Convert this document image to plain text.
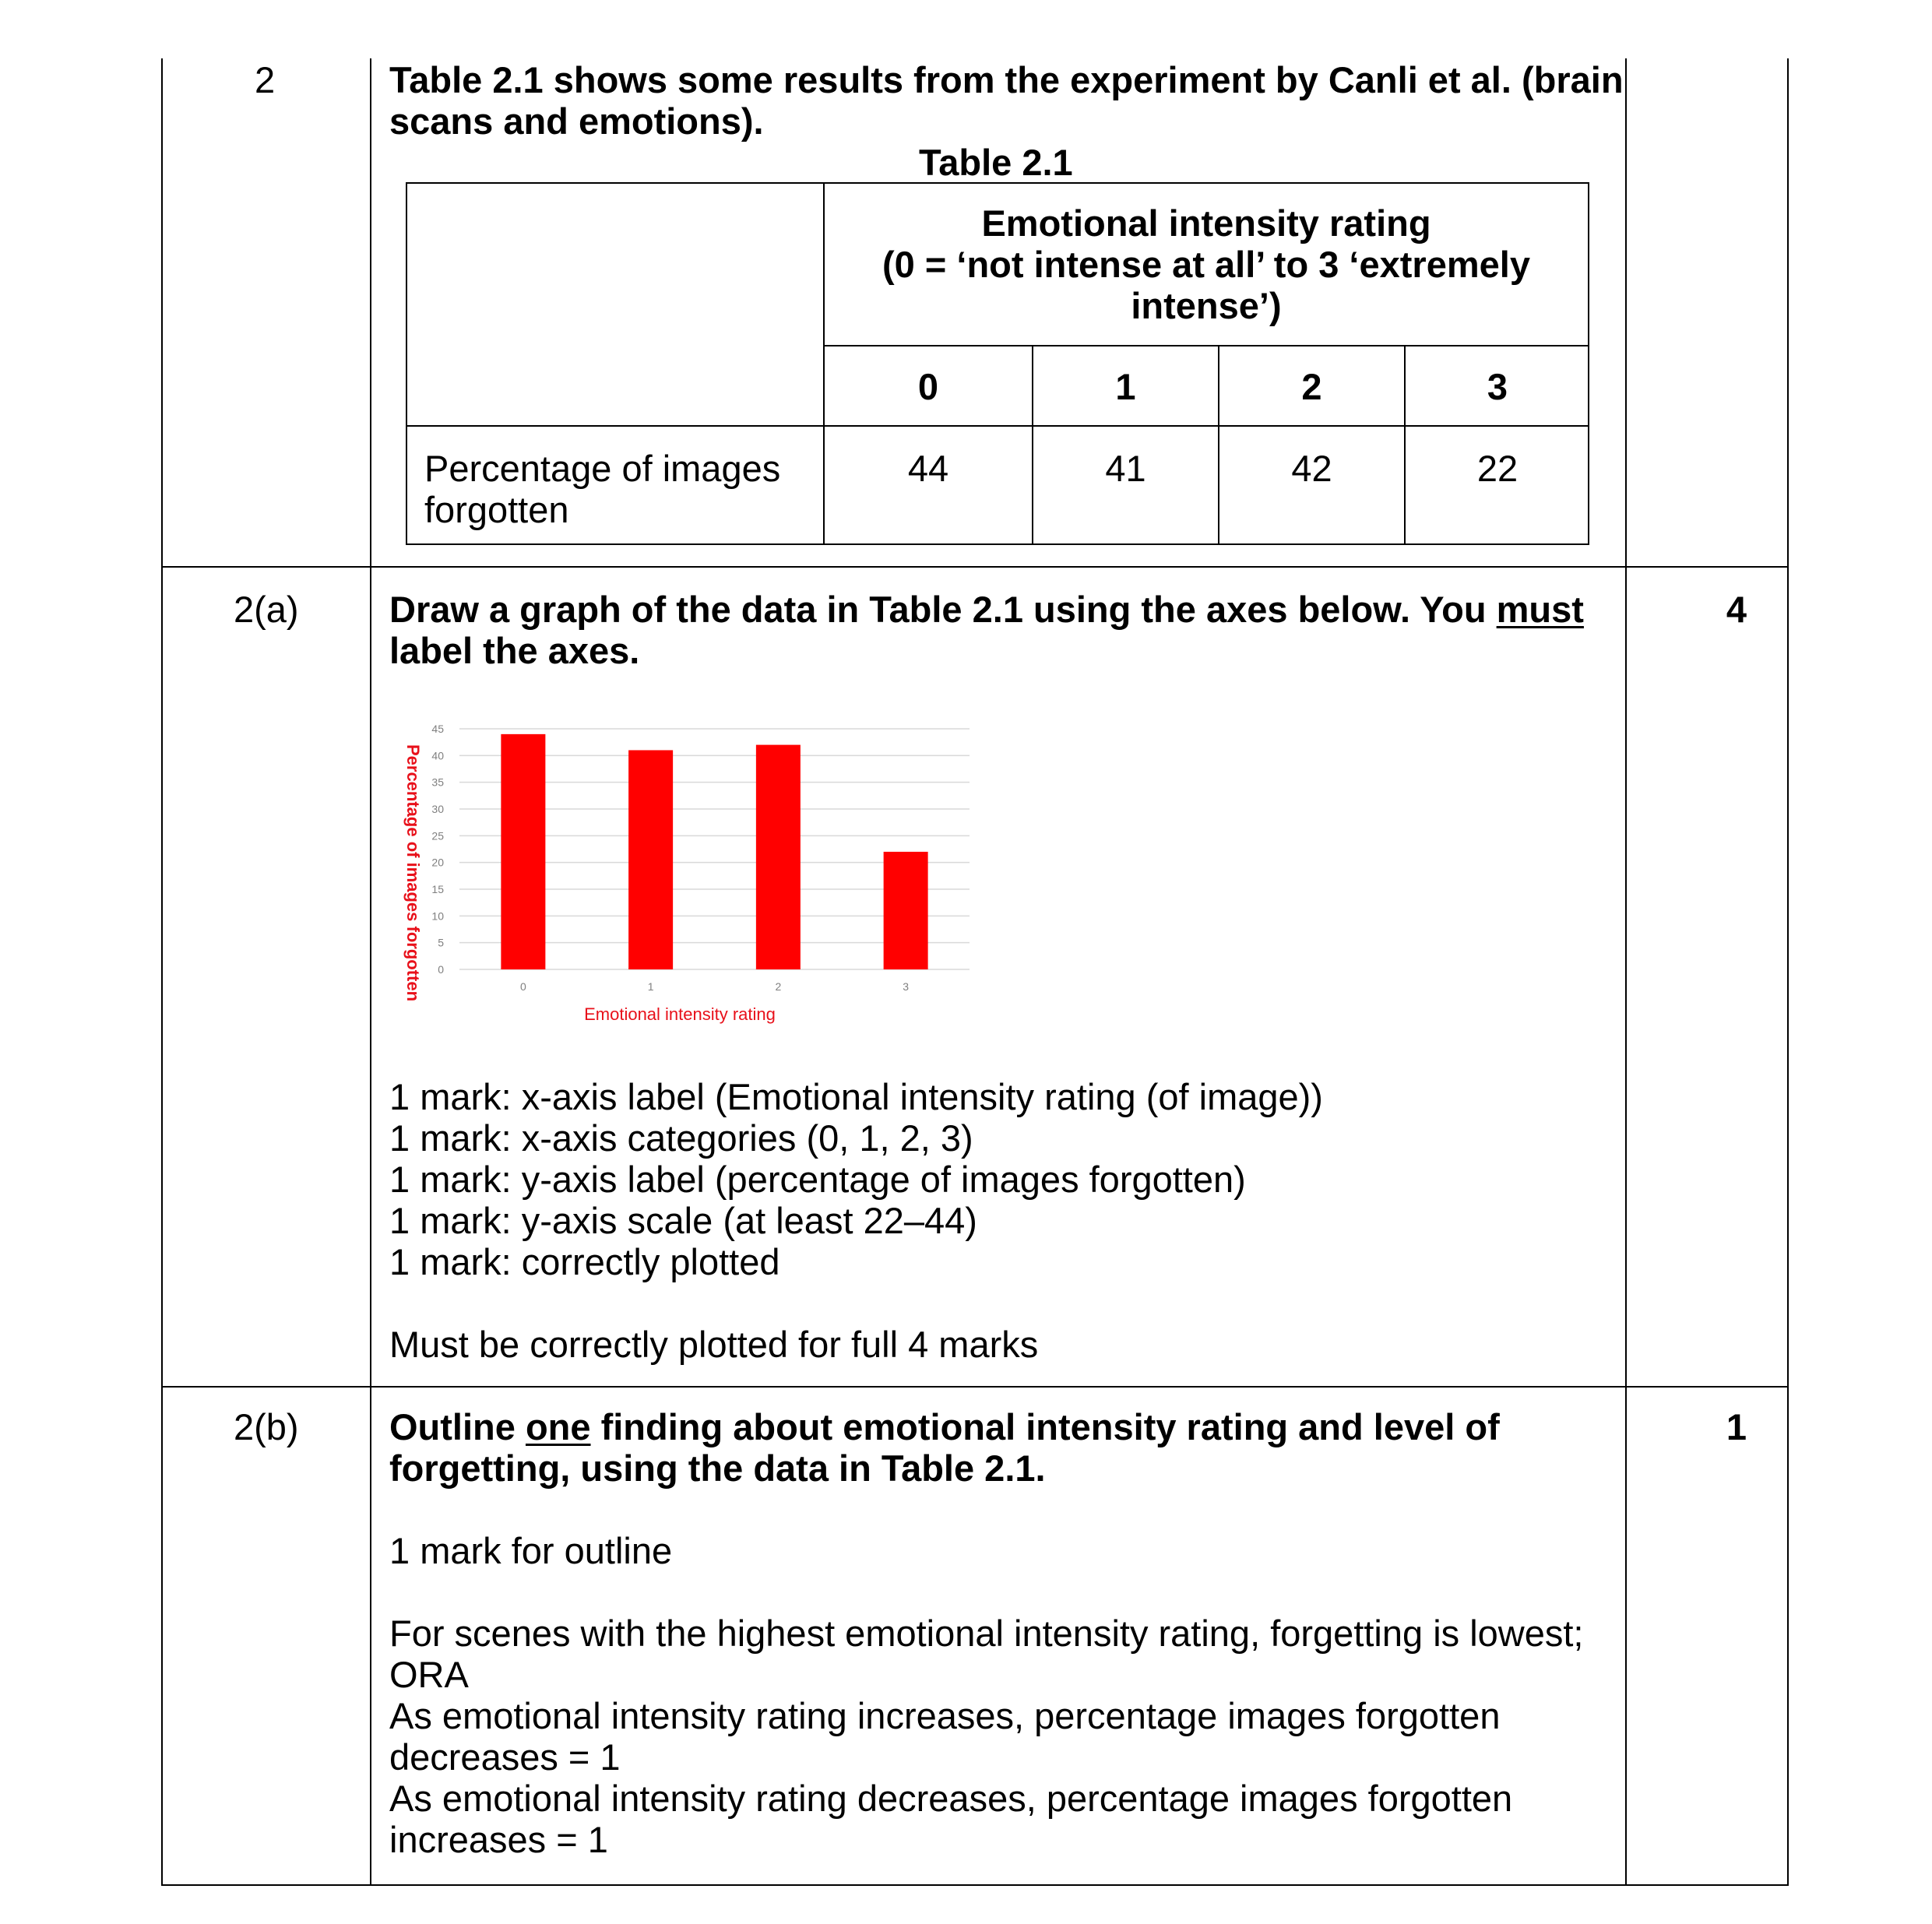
2	Table 2.1 shows some results from the experiment by Canli et al. (brain
scans and emotions).
Table 2.1
Emotional intensity rating
(0 = ‘not intense at all’ to 3 ‘extremely
intense’)
0	1	2	3
Percentage of images
forgotten
44	41	42	22
2(a) Draw a graph of the data in Table 2.1 using the axes below. You must
label the axes.
4
0
5
10
15
20
25
30
35
40
45
0	1	2	3
Emotional intensity rating
Percentage of images forgotten
1 mark: x-axis label (Emotional intensity rating (of image))
1 mark: x-axis categories (0, 1, 2, 3)
1 mark: y-axis label (percentage of images forgotten)
1 mark: y-axis scale (at least 22–44)
1 mark: correctly plotted
Must be correctly plotted for full 4 marks
2(b) Outline one finding about emotional intensity rating and level of
forgetting, using the data in Table 2.1.
1
1 mark for outline
For scenes with the highest emotional intensity rating, forgetting is lowest;
ORA
As emotional intensity rating increases, percentage images forgotten
decreases = 1
As emotional intensity rating decreases, percentage images forgotten
increases = 1
